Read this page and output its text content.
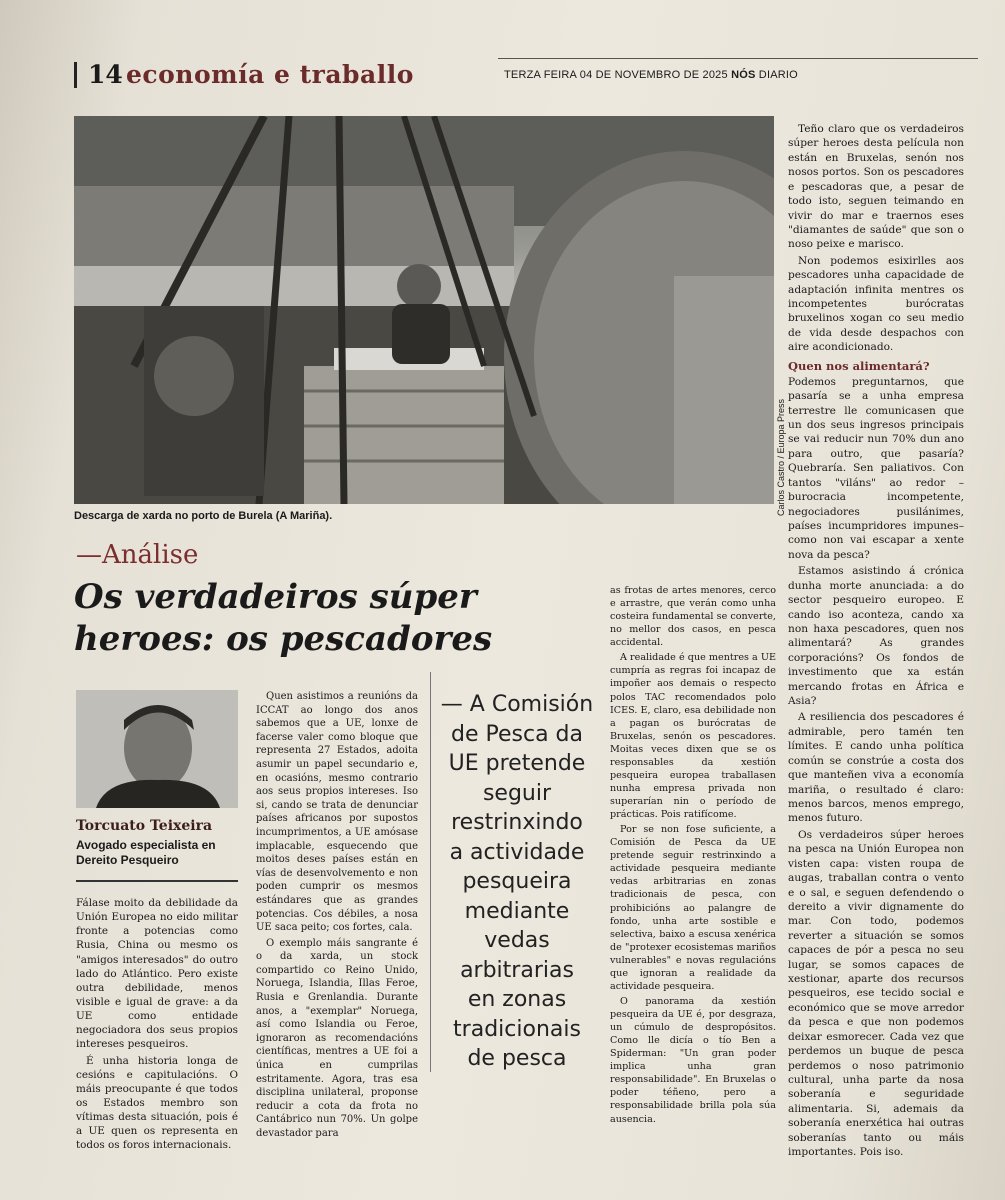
14 economía e traballo	TERZA FEIRA 04 DE NOVEMBRO DE 2025 NÓS DIARIO
Carlos Castro / Europa Press
Descarga de xarda no porto de Burela (A Mariña).
—Análise
Os verdadeiros súper
heroes: os pescadores
Torcuato Teixeira
Avogado especialista en Dereito Pesqueiro

Fálase moito da debilidade da Unión Europea no eido militar fronte a potencias como Rusia, China ou mesmo os "amigos interesados" do outro lado do Atlántico. Pero existe outra debilidade, menos visible e igual de grave: a da UE como entidade negociadora dos seus propios intereses pesqueiros.

É unha historia longa de cesións e capitulacións. O máis preocupante é que todos os Estados membro son vítimas desta situación, pois é a UE quen os representa en todos os foros internacionais.

Quen asistimos a reunións da ICCAT ao longo dos anos sabemos que a UE, lonxe de facerse valer como bloque que representa 27 Estados, adoita asumir un papel secundario e, en ocasións, mesmo contrario aos seus propios intereses. Iso si, cando se trata de denunciar países africanos por supostos incumprimentos, a UE amósase implacable, esquecendo que moitos deses países están en vías de desenvolvemento e non poden cumprir os mesmos estándares que as grandes potencias. Cos débiles, a nosa UE saca peito; cos fortes, cala.

O exemplo máis sangrante é o da xarda, un stock compartido co Reino Unido, Noruega, Islandia, Illas Feroe, Rusia e Grenlandia. Durante anos, a "exemplar" Noruega, así como Islandia ou Feroe, ignoraron as recomendacións científicas, mentres a UE foi a única en cumprilas estritamente. Agora, tras esa disciplina unilateral, proponse reducir a cota da frota no Cantábrico nun 70%. Un golpe devastador para

— A Comisión
de Pesca da
UE pretende
seguir
restrinxindo
a actividade
pesqueira
mediante
vedas
arbitrarias
en zonas
tradicionais
de pesca

as frotas de artes menores, cerco e arrastre, que verán como unha costeira fundamental se converte, no mellor dos casos, en pesca accidental.

A realidade é que mentres a UE cumpría as regras foi incapaz de impoñer aos demais o respecto polos TAC recomendados polo ICES. E, claro, esa debilidade non a pagan os burócratas de Bruxelas, senón os pescadores. Moitas veces dixen que se os responsables da xestión pesqueira europea traballasen nunha empresa privada non superarían nin o período de prácticas. Pois ratifícome.

Por se non fose suficiente, a Comisión de Pesca da UE pretende seguir restrinxindo a actividade pesqueira mediante vedas arbitrarias en zonas tradicionais de pesca, con prohibicións ao palangre de fondo, unha arte sostible e selectiva, baixo a escusa xenérica de "protexer ecosistemas mariños vulnerables" e novas regulacións que ignoran a realidade da actividade pesqueira.

O panorama da xestión pesqueira da UE é, por desgraza, un cúmulo de despropósitos. Como lle dicía o tío Ben a Spiderman: "Un gran poder implica unha gran responsabilidade". En Bruxelas o poder téñeno, pero a responsabilidade brilla pola súa ausencia.

Teño claro que os verdadeiros súper heroes desta película non están en Bruxelas, senón nos nosos portos. Son os pescadores e pescadoras que, a pesar de todo isto, seguen teimando en vivir do mar e traernos eses "diamantes de saúde" que son o noso peixe e marisco.

Non podemos esixirlles aos pescadores unha capacidade de adaptación infinita mentres os incompetentes burócratas bruxelinos xogan co seu medio de vida desde despachos con aire acondicionado.

Quen nos alimentará?

Podemos preguntarnos, que pasaría se a unha empresa terrestre lle comunicasen que un dos seus ingresos principais se vai reducir nun 70% dun ano para outro, que pasaría? Quebraría. Sen paliativos. Con tantos "viláns" ao redor –burocracia incompetente, negociadores pusilánimes, países incumpridores impunes– como non vai escapar a xente nova da pesca?

Estamos asistindo á crónica dunha morte anunciada: a do sector pesqueiro europeo. E cando iso aconteza, cando xa non haxa pescadores, quen nos alimentará? As grandes corporacións? Os fondos de investimento que xa están mercando frotas en África e Asia?

A resiliencia dos pescadores é admirable, pero tamén ten límites. E cando unha política común se constrúe a costa dos que manteñen viva a economía mariña, o resultado é claro: menos barcos, menos emprego, menos futuro.

Os verdadeiros súper heroes na pesca na Unión Europea non visten capa: visten roupa de augas, traballan contra o vento e o sal, e seguen defendendo o dereito a vivir dignamente do mar. Con todo, podemos reverter a situación se somos capaces de pór a pesca no seu lugar, se somos capaces de xestionar, aparte dos recursos pesqueiros, ese tecido social e económico que se move arredor da pesca e que non podemos deixar esmorecer. Cada vez que perdemos un buque de pesca perdemos o noso patrimonio cultural, unha parte da nosa soberanía e seguridade alimentaria. Si, ademais da soberanía enerxética hai outras soberanías tanto ou máis importantes. Pois iso.
